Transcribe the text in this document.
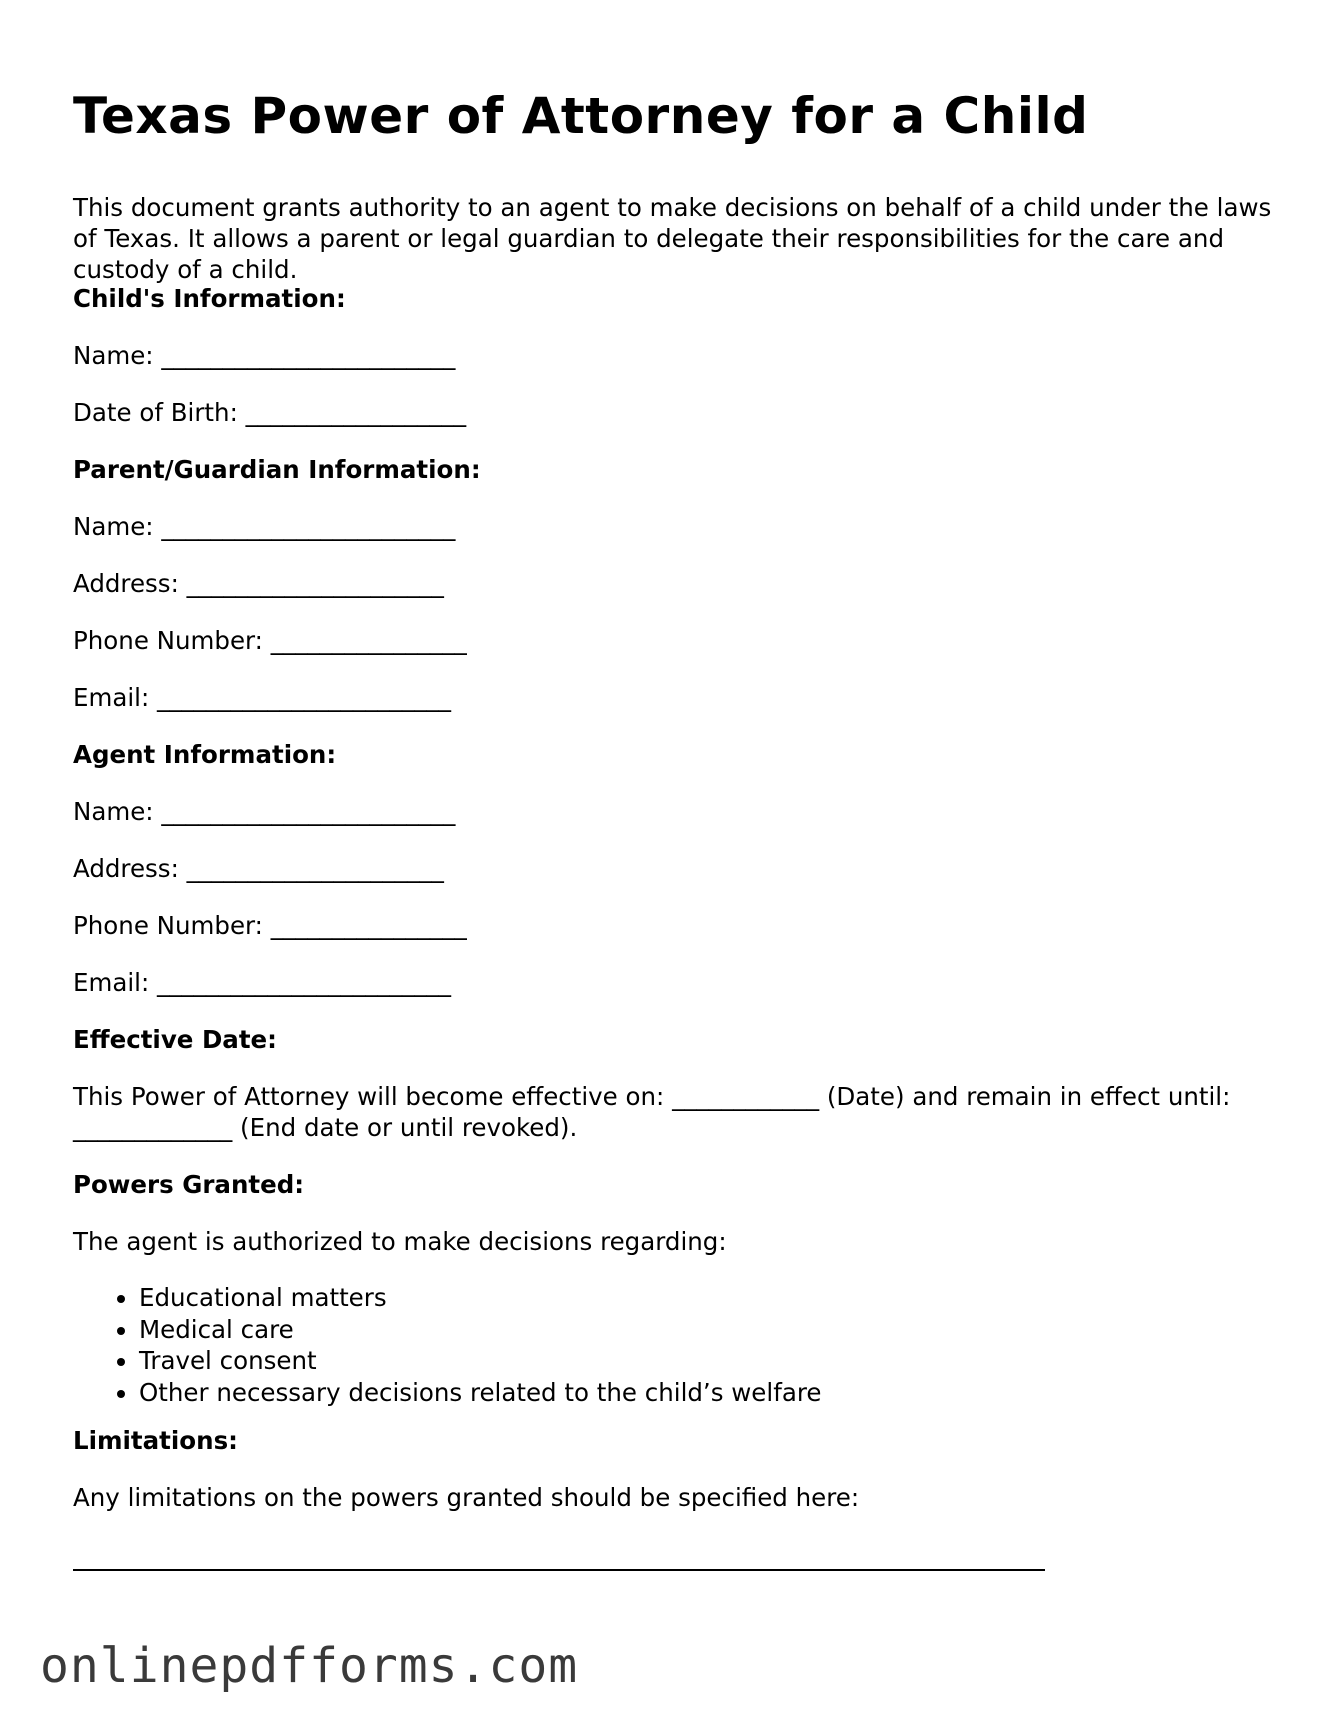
Texas Power of Attorney for a Child

This document grants authority to an agent to make decisions on behalf of a child under the laws of Texas. It allows a parent or legal guardian to delegate their responsibilities for the care and custody of a child.

Child's Information:
Name: ________________________
Date of Birth: __________________
Parent/Guardian Information:
Name: ________________________
Address: _____________________
Phone Number: ________________
Email: ________________________
Agent Information:
Name: ________________________
Address: _____________________
Phone Number: ________________
Email: ________________________
Effective Date:
This Power of Attorney will become effective on: ____________ (Date) and remain in effect until: _____________ (End date or until revoked).
Powers Granted:
The agent is authorized to make decisions regarding:
• Educational matters
• Medical care
• Travel consent
• Other necessary decisions related to the child’s welfare
Limitations:
Any limitations on the powers granted should be specified here:
onlinepdfforms.com
